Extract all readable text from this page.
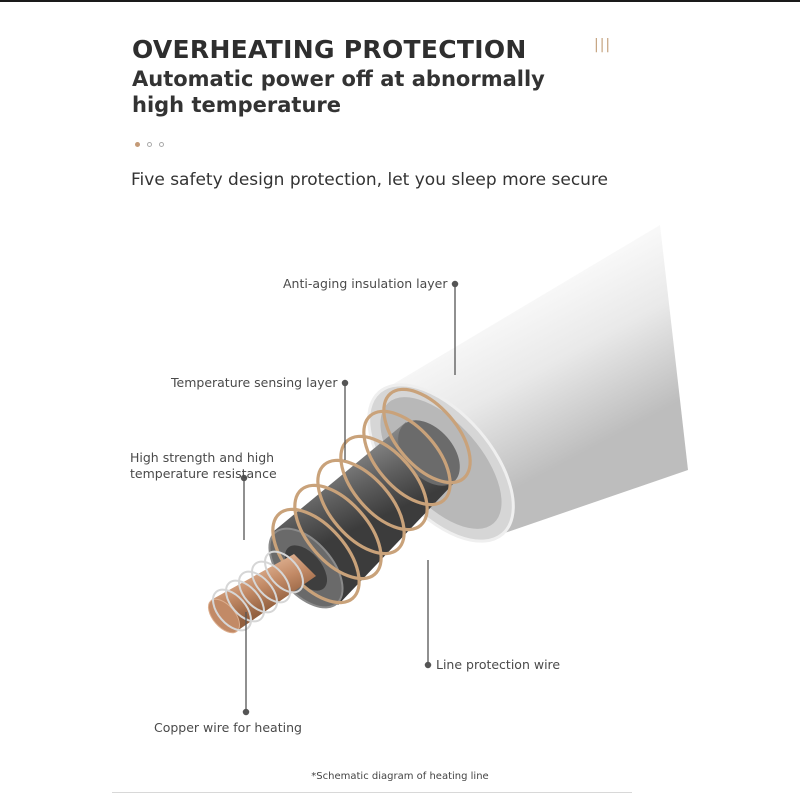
OVERHEATING PROTECTION
Automatic power off at abnormally high temperature
|||
Five safety design protection, let you sleep more secure
Anti-aging insulation layer
Temperature sensing layer
High strength and high temperature resistance
Line protection wire
Copper wire for heating
*Schematic diagram of heating line
